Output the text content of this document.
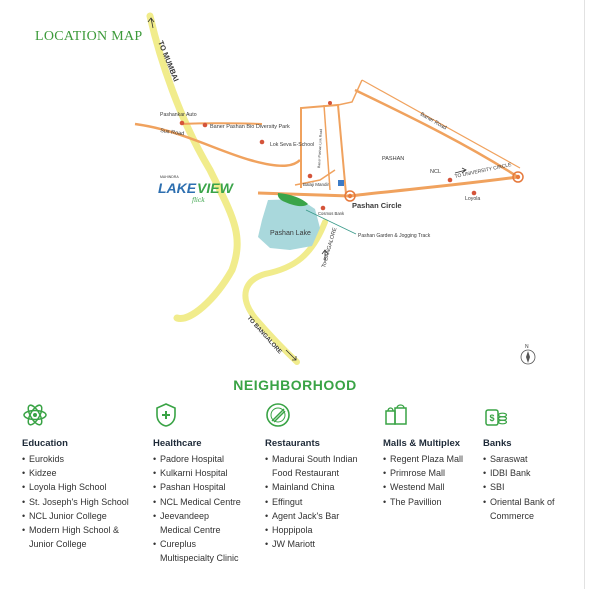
LOCATION MAP
TO MUMBAI
Sus Road
Baner Road
TO UNIVERSITY CIRCLE
TO BANGALORE
To BANGALORE
Baner-Pashan Link Road
Pashankar Auto
Baner Pashan Bio Diversity Park
Lok Seva E-School
PASHAN
NCL
Loyola
Balaji Mandir
Cosmos Bank
Pashan Circle
Pashan Lake	Pashan Garden & Jogging Track
MAHINDRA
LAKE VIEW
flick
N
NEIGHBORHOOD
Education
• Eurokids
• Kidzee
• Loyola High School
• St. Joseph's High School
• NCL Junior College
• Modern High School &
Junior College
Healthcare
• Padore Hospital
• Kulkarni Hospital
• Pashan Hospital
• NCL Medical Centre
• Jeevandeep
Medical Centre
• Cureplus
Multispecialty Clinic
Restaurants
• Madurai South Indian
Food Restaurant
• Mainland China
• Effingut
• Agent Jack's Bar
• Hoppipola
• JW Mariott
Malls & Multiplex
• Regent Plaza Mall
• Primrose Mall
• Westend Mall
• The Pavillion
$
Banks
• Saraswat
• IDBI Bank
• SBI
• Oriental Bank of
Commerce
